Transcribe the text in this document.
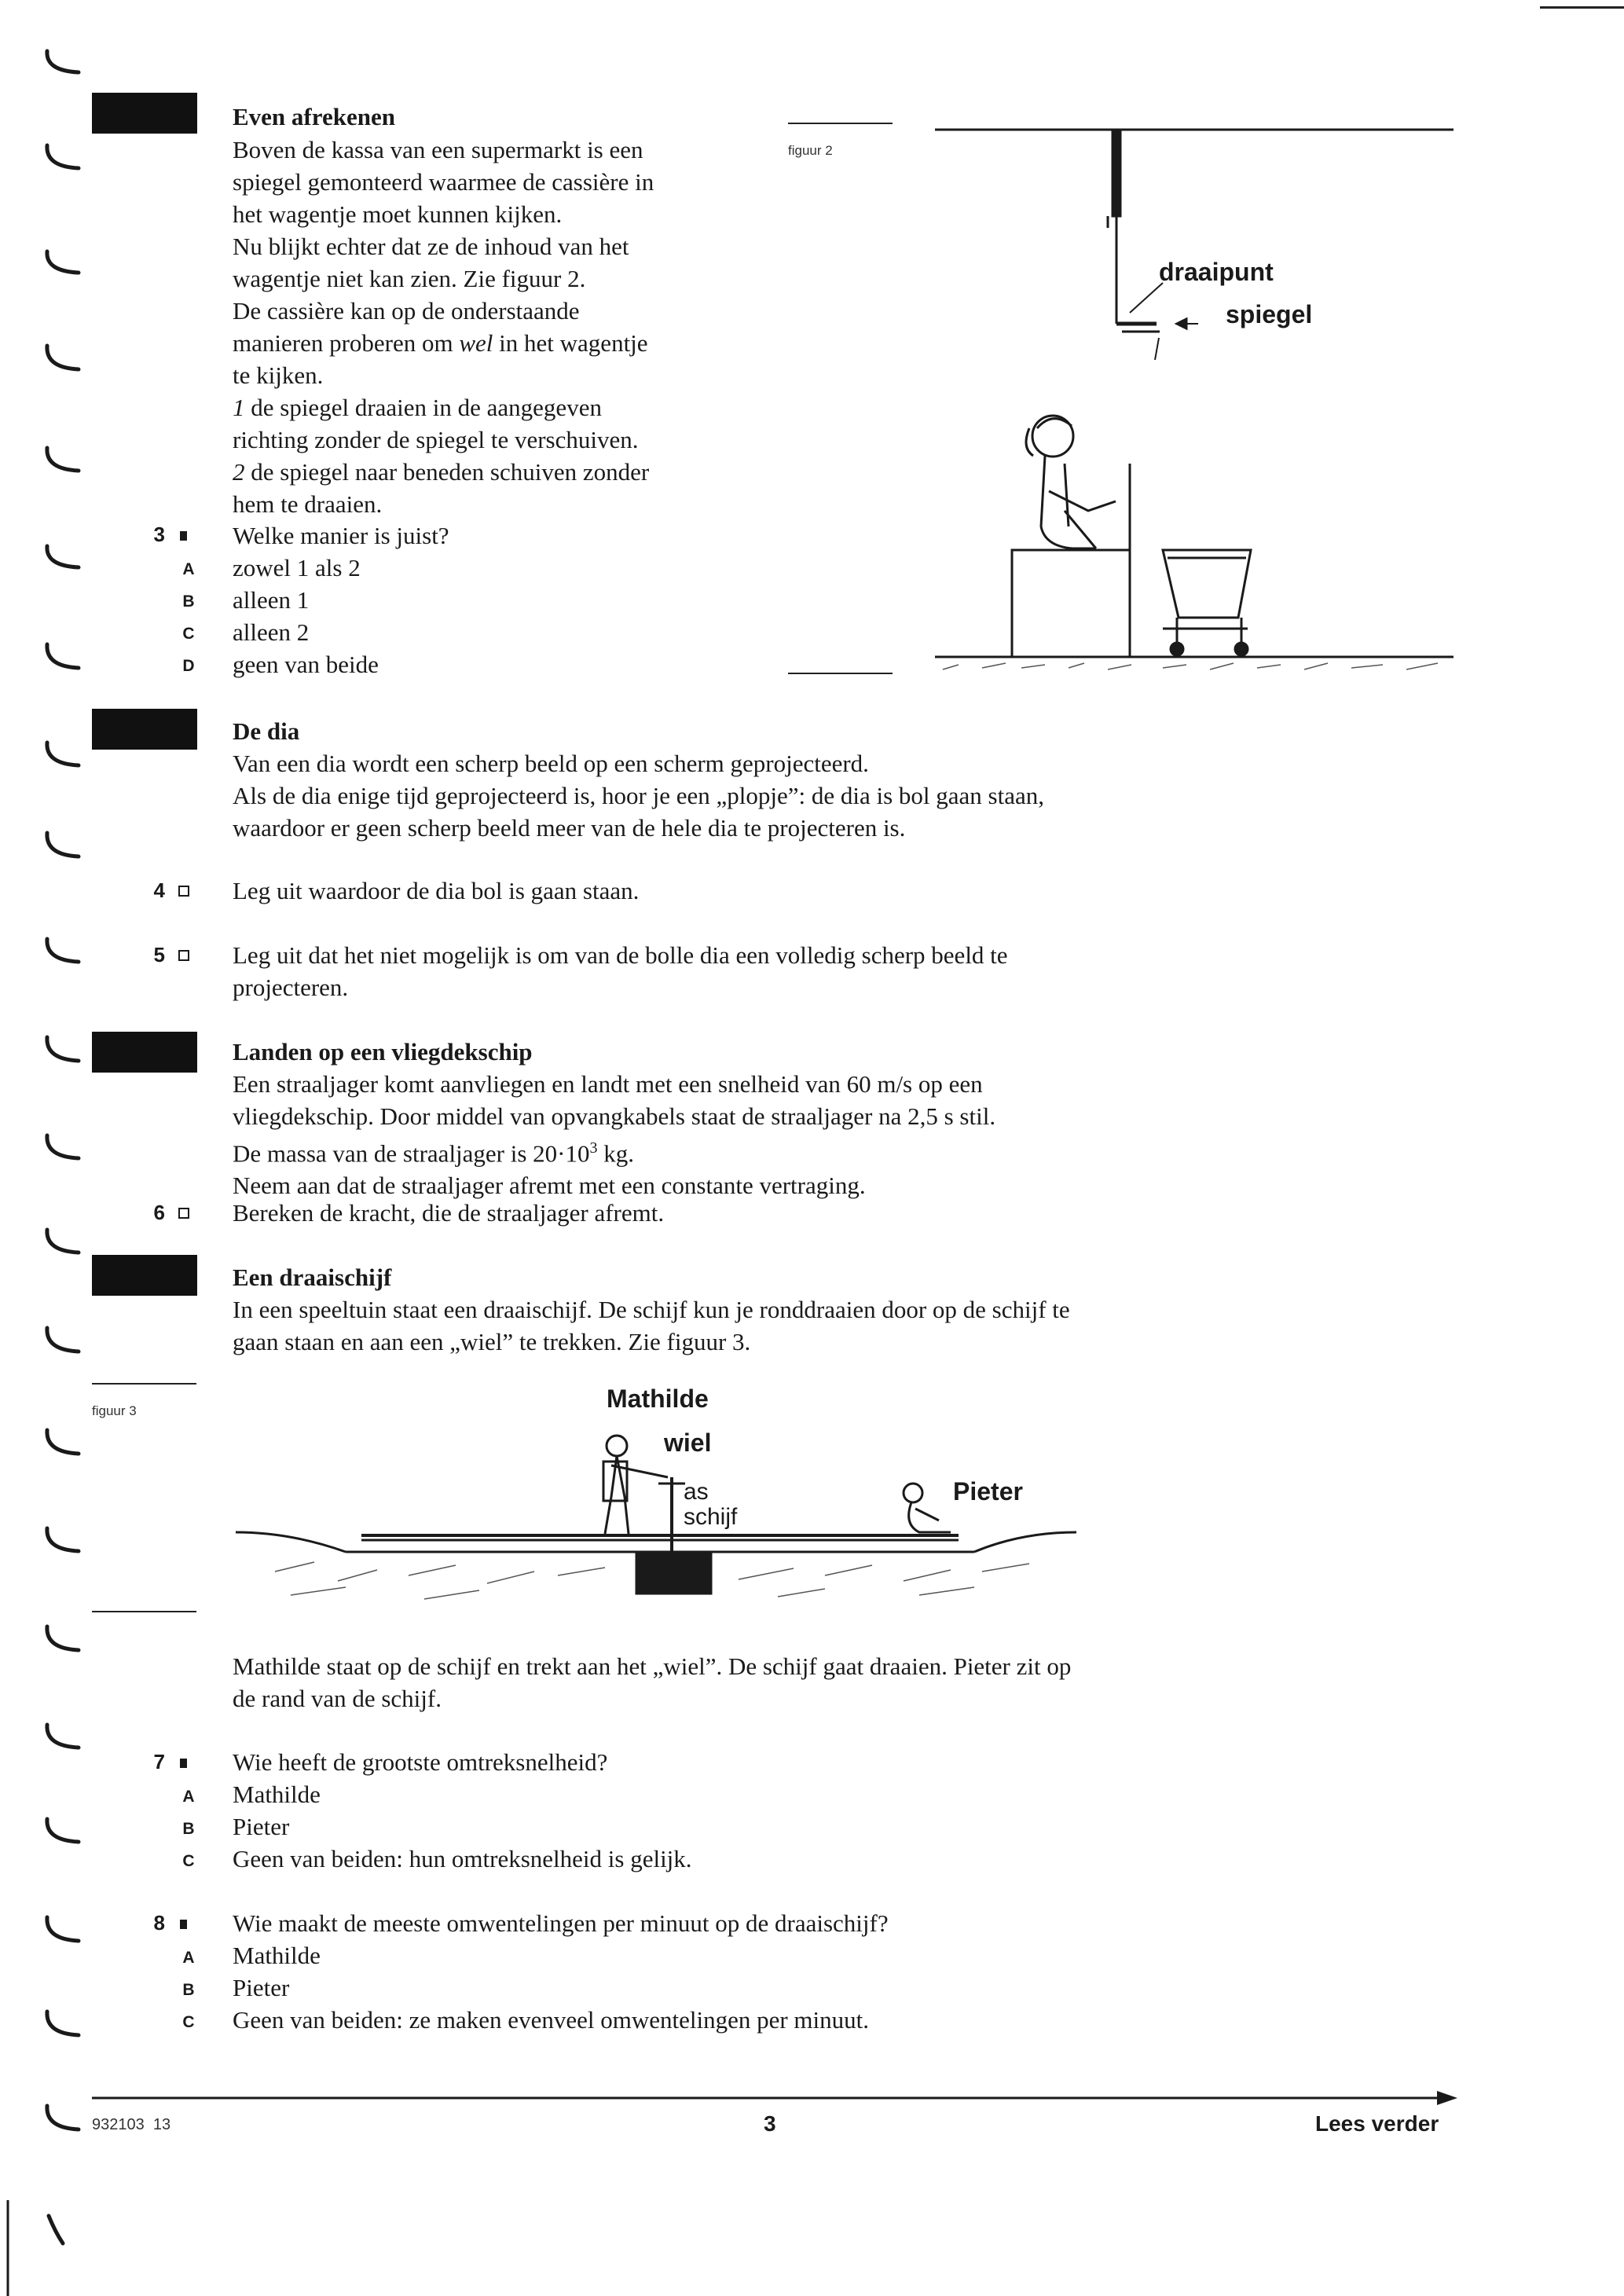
Even afrekenen
Boven de kassa van een supermarkt is een
spiegel gemonteerd waarmee de cassière in
het wagentje moet kunnen kijken.
Nu blijkt echter dat ze de inhoud van het
wagentje niet kan zien. Zie figuur 2.
De cassière kan op de onderstaande
manieren proberen om wel in het wagentje
te kijken.
1 de spiegel draaien in de aangegeven
richting zonder de spiegel te verschuiven.
2 de spiegel naar beneden schuiven zonder
hem te draaien.
3	Welke manier is juist?
A zowel 1 als 2
B alleen 1
C alleen 2
D geen van beide
figuur 2
draaipunt
spiegel
De dia
Van een dia wordt een scherp beeld op een scherm geprojecteerd.
Als de dia enige tijd geprojecteerd is, hoor je een „plopje”: de dia is bol gaan staan,
waardoor er geen scherp beeld meer van de hele dia te projecteren is.
4	Leg uit waardoor de dia bol is gaan staan.
5	Leg uit dat het niet mogelijk is om van de bolle dia een volledig scherp beeld te
projecteren.
Landen op een vliegdekschip
Een straaljager komt aanvliegen en landt met een snelheid van 60 m/s op een
vliegdekschip. Door middel van opvangkabels staat de straaljager na 2,5 s stil.
De massa van de straaljager is $20\cdot 10^3$ kg.
Neem aan dat de straaljager afremt met een constante vertraging.
6	Bereken de kracht, die de straaljager afremt.
Een draaischijf
In een speeltuin staat een draaischijf. De schijf kun je ronddraaien door op de schijf te
gaan staan en aan een „wiel” te trekken. Zie figuur 3.
figuur 3	Mathilde
wiel
as
schijf
Pieter
Mathilde staat op de schijf en trekt aan het „wiel”. De schijf gaat draaien. Pieter zit op
de rand van de schijf.
7	Wie heeft de grootste omtreksnelheid?
A Mathilde
B Pieter
C Geen van beiden: hun omtreksnelheid is gelijk.
8	Wie maakt de meeste omwentelingen per minuut op de draaischijf?
A Mathilde
B Pieter
C Geen van beiden: ze maken evenveel omwentelingen per minuut.
932103  13	3	Lees verder
